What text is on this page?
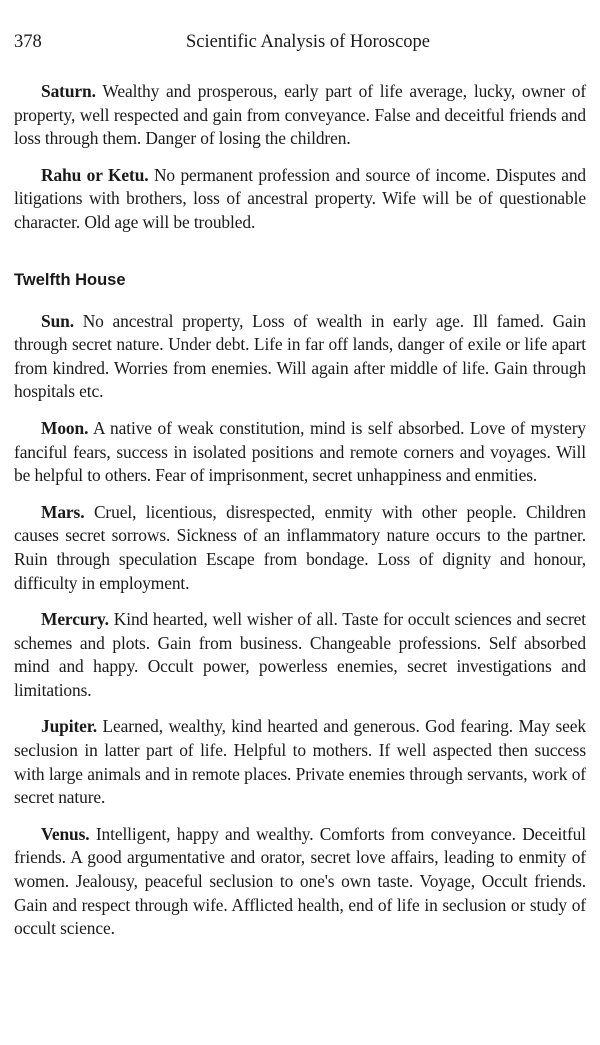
378	Scientific Analysis of Horoscope

Saturn. Wealthy and prosperous, early part of life average, lucky, owner of property, well respected and gain from conveyance. False and deceitful friends and loss through them. Danger of losing the children.

Rahu or Ketu. No permanent profession and source of income. Disputes and litigations with brothers, loss of ancestral property. Wife will be of questionable character. Old age will be troubled.

Twelfth House

Sun. No ancestral property, Loss of wealth in early age. Ill famed. Gain through secret nature. Under debt. Life in far off lands, danger of exile or life apart from kindred. Worries from enemies. Will again after middle of life. Gain through hospitals etc.

Moon. A native of weak constitution, mind is self absorbed. Love of mystery fanciful fears, success in isolated positions and remote corners and voyages. Will be helpful to others. Fear of imprisonment, secret unhappiness and enmities.

Mars. Cruel, licentious, disrespected, enmity with other people. Children causes secret sorrows. Sickness of an inflammatory nature occurs to the partner. Ruin through speculation Escape from bondage. Loss of dignity and honour, difficulty in employment.

Mercury. Kind hearted, well wisher of all. Taste for occult sciences and secret schemes and plots. Gain from business. Changeable professions. Self absorbed mind and happy. Occult power, powerless enemies, secret investigations and limitations.

Jupiter. Learned, wealthy, kind hearted and generous. God fearing. May seek seclusion in latter part of life. Helpful to mothers. If well aspected then success with large animals and in remote places. Private enemies through servants, work of secret nature.

Venus. Intelligent, happy and wealthy. Comforts from conveyance. Deceitful friends. A good argumentative and orator, secret love affairs, leading to enmity of women. Jealousy, peaceful seclusion to one's own taste. Voyage, Occult friends. Gain and respect through wife. Afflicted health, end of life in seclusion or study of occult science.
